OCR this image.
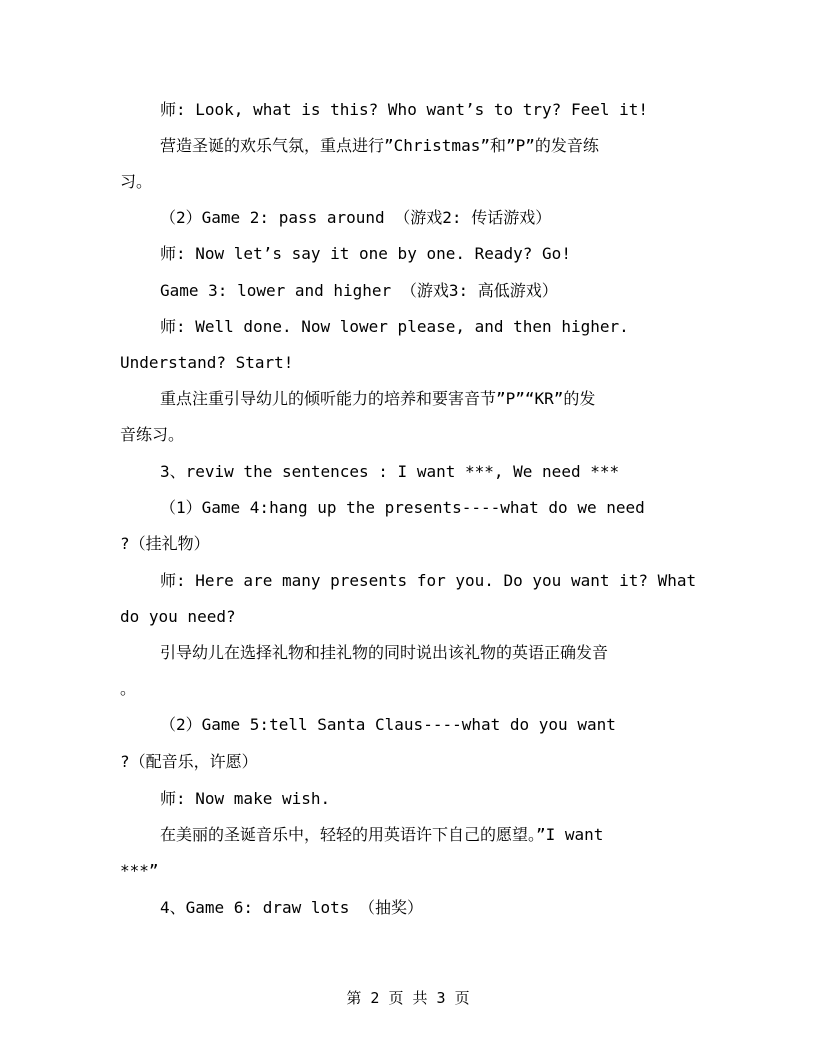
师: Look, what is this? Who want’s to try? Feel it!
营造圣诞的欢乐气氛，重点进行”Christmas”和”P”的发音练
习。
（2）Game 2: pass around （游戏2: 传话游戏）
师: Now let’s say it one by one. Ready? Go!
Game 3: lower and higher （游戏3: 高低游戏）
师: Well done. Now lower please, and then higher.
Understand? Start!
重点注重引导幼儿的倾听能力的培养和要害音节”P”“KR”的发
音练习。
3、reviw the sentences : I want ***, We need ***
（1）Game 4:hang up the presents----what do we need
?（挂礼物）
师: Here are many presents for you. Do you want it? What
do you need?
引导幼儿在选择礼物和挂礼物的同时说出该礼物的英语正确发音
。
（2）Game 5:tell Santa Claus----what do you want
?（配音乐，许愿）
师: Now make wish.
在美丽的圣诞音乐中，轻轻的用英语许下自己的愿望。”I want
***”
4、Game 6: draw lots （抽奖）
第 2 页 共 3 页
